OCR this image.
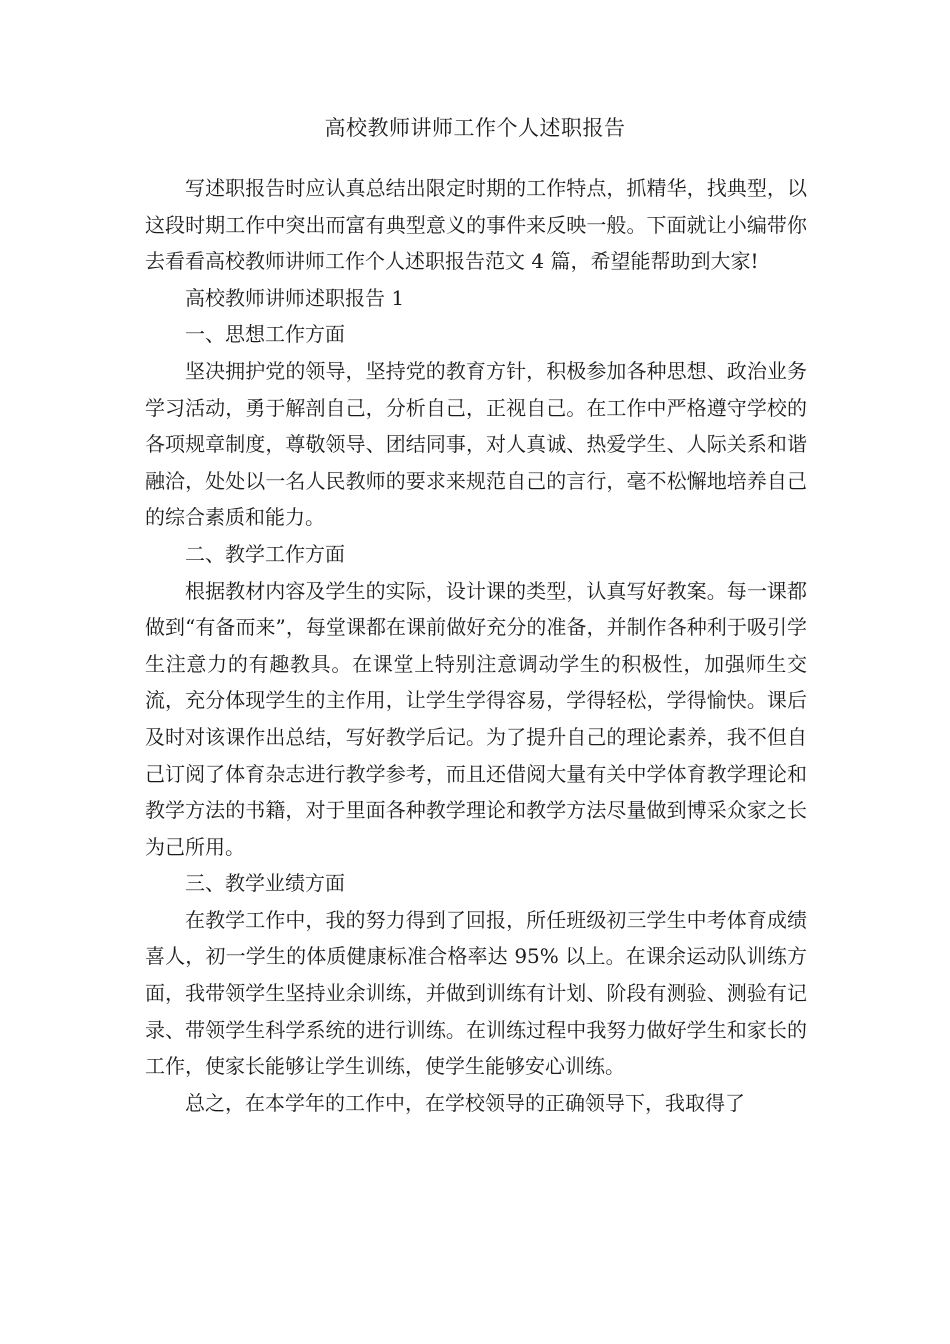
高校教师讲师工作个人述职报告

写述职报告时应认真总结出限定时期的工作特点，抓精华，找典型，以这段时期工作中突出而富有典型意义的事件来反映一般。下面就让小编带你去看看高校教师讲师工作个人述职报告范文 4 篇，希望能帮助到大家!

高校教师讲师述职报告 1

一、思想工作方面

坚决拥护党的领导，坚持党的教育方针，积极参加各种思想、政治业务学习活动，勇于解剖自己，分析自己，正视自己。在工作中严格遵守学校的各项规章制度，尊敬领导、团结同事，对人真诚、热爱学生、人际关系和谐融洽，处处以一名人民教师的要求来规范自己的言行，毫不松懈地培养自己的综合素质和能力。

二、教学工作方面

根据教材内容及学生的实际，设计课的类型，认真写好教案。每一课都做到“有备而来”，每堂课都在课前做好充分的准备，并制作各种利于吸引学生注意力的有趣教具。在课堂上特别注意调动学生的积极性，加强师生交流，充分体现学生的主作用，让学生学得容易，学得轻松，学得愉快。课后及时对该课作出总结，写好教学后记。为了提升自己的理论素养，我不但自己订阅了体育杂志进行教学参考，而且还借阅大量有关中学体育教学理论和教学方法的书籍，对于里面各种教学理论和教学方法尽量做到博采众家之长为己所用。

三、教学业绩方面

在教学工作中，我的努力得到了回报，所任班级初三学生中考体育成绩喜人，初一学生的体质健康标准合格率达 95% 以上。在课余运动队训练方面，我带领学生坚持业余训练，并做到训练有计划、阶段有测验、测验有记录、带领学生科学系统的进行训练。在训练过程中我努力做好学生和家长的工作，使家长能够让学生训练，使学生能够安心训练。

总之，在本学年的工作中，在学校领导的正确领导下，我取得了
